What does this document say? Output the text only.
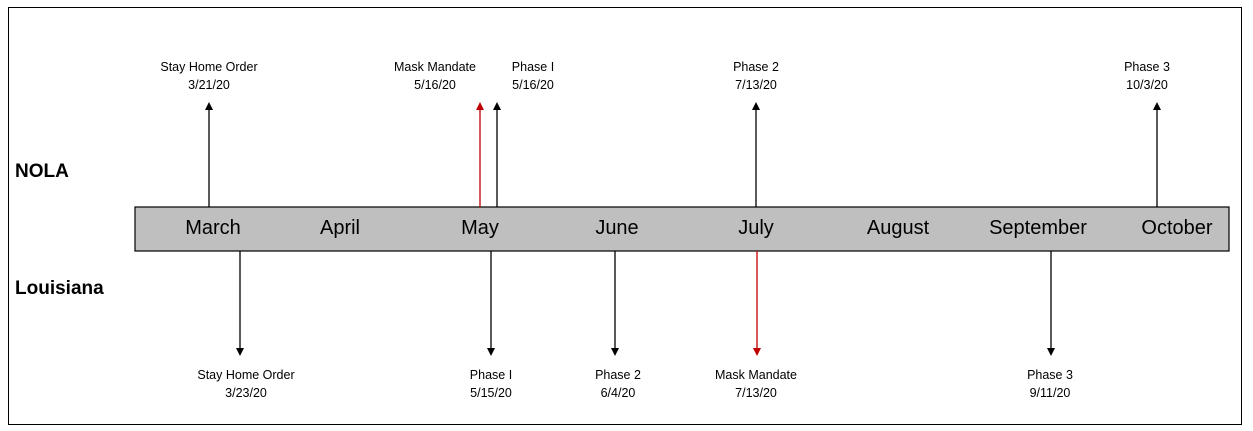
NOLA
Louisiana
March	April	May	June	July	August	September	October
Stay Home Order
3/21/20
Mask Mandate
5/16/20
Phase I
5/16/20
Phase 2
7/13/20
Phase 3
10/3/20
Stay Home Order
3/23/20
Phase I
5/15/20
Phase 2
6/4/20
Mask Mandate
7/13/20
Phase 3
9/11/20
